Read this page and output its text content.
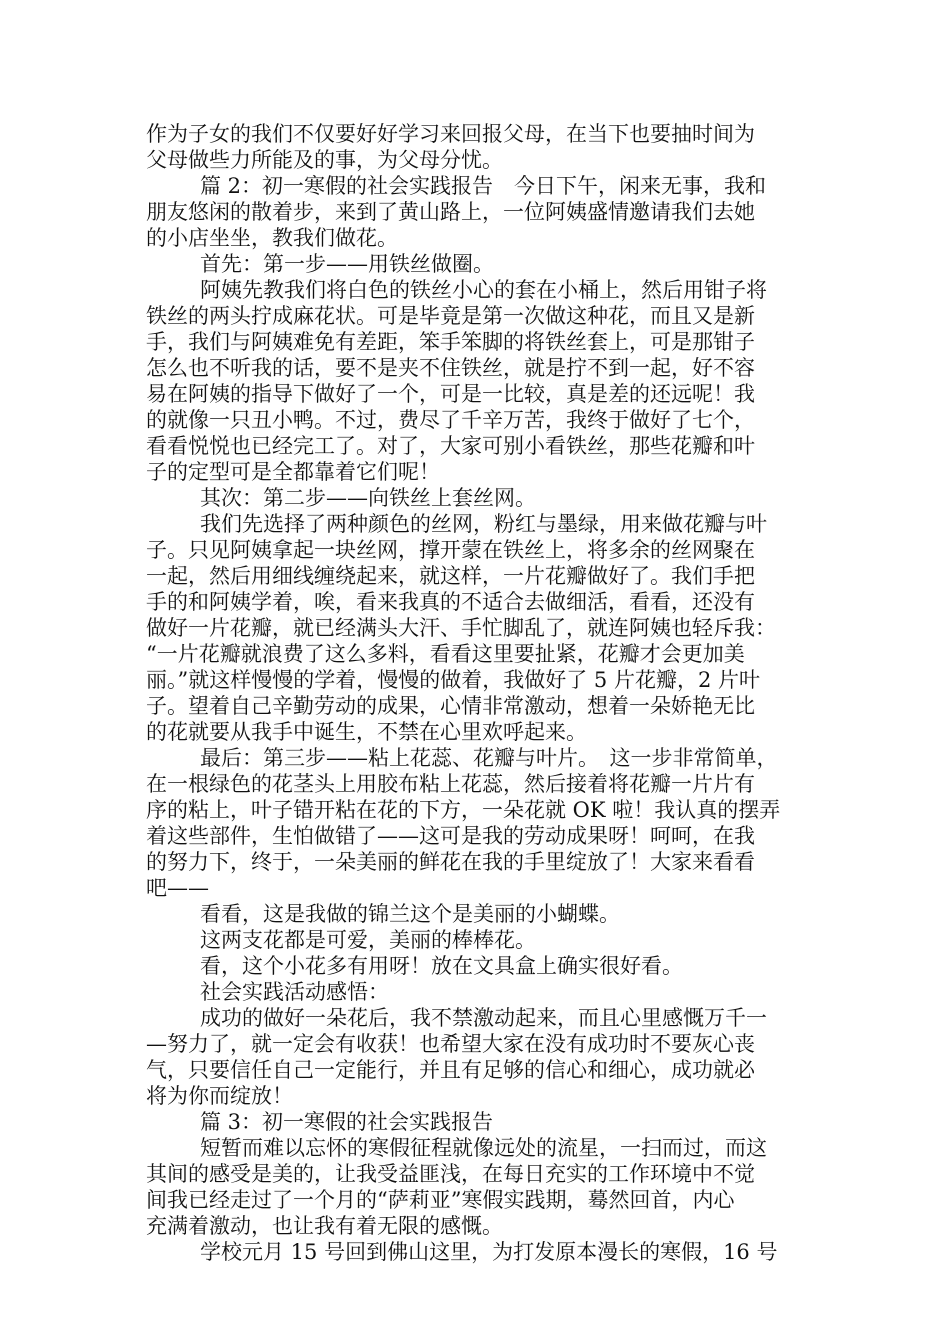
作为子女的我们不仅要好好学习来回报父母，在当下也要抽时间为
父母做些力所能及的事，为父母分忧。
篇 2：初一寒假的社会实践报告　今日下午，闲来无事，我和
朋友悠闲的散着步，来到了黄山路上，一位阿姨盛情邀请我们去她
的小店坐坐，教我们做花。
首先：第一步——用铁丝做圈。
阿姨先教我们将白色的铁丝小心的套在小桶上，然后用钳子将
铁丝的两头拧成麻花状。可是毕竟是第一次做这种花，而且又是新
手，我们与阿姨难免有差距，笨手笨脚的将铁丝套上，可是那钳子
怎么也不听我的话，要不是夹不住铁丝，就是拧不到一起，好不容
易在阿姨的指导下做好了一个，可是一比较，真是差的还远呢！我
的就像一只丑小鸭。不过，费尽了千辛万苦，我终于做好了七个，
看看悦悦也已经完工了。对了，大家可别小看铁丝，那些花瓣和叶
子的定型可是全都靠着它们呢！
其次：第二步——向铁丝上套丝网。
我们先选择了两种颜色的丝网，粉红与墨绿，用来做花瓣与叶
子。只见阿姨拿起一块丝网，撑开蒙在铁丝上，将多余的丝网聚在
一起，然后用细线缠绕起来，就这样，一片花瓣做好了。我们手把
手的和阿姨学着，唉，看来我真的不适合去做细活，看看，还没有
做好一片花瓣，就已经满头大汗、手忙脚乱了，就连阿姨也轻斥我：
“一片花瓣就浪费了这么多料，看看这里要扯紧，花瓣才会更加美
丽。”就这样慢慢的学着，慢慢的做着，我做好了 5 片花瓣，2 片叶
子。望着自己辛勤劳动的成果，心情非常激动，想着一朵娇艳无比
的花就要从我手中诞生，不禁在心里欢呼起来。
最后：第三步——粘上花蕊、花瓣与叶片。　这一步非常简单，
在一根绿色的花茎头上用胶布粘上花蕊，然后接着将花瓣一片片有
序的粘上，叶子错开粘在花的下方，一朵花就 OK 啦！我认真的摆弄
着这些部件，生怕做错了——这可是我的劳动成果呀！呵呵，在我
的努力下，终于，一朵美丽的鲜花在我的手里绽放了！大家来看看
吧——
看看，这是我做的锦兰这个是美丽的小蝴蝶。
这两支花都是可爱，美丽的棒棒花。
看，这个小花多有用呀！放在文具盒上确实很好看。
社会实践活动感悟：
成功的做好一朵花后，我不禁激动起来，而且心里感慨万千一
—努力了，就一定会有收获！也希望大家在没有成功时不要灰心丧
气，只要信任自己一定能行，并且有足够的信心和细心，成功就必
将为你而绽放！
篇 3：初一寒假的社会实践报告
短暂而难以忘怀的寒假征程就像远处的流星，一扫而过，而这
其间的感受是美的，让我受益匪浅，在每日充实的工作环境中不觉
间我已经走过了一个月的“萨莉亚”寒假实践期，蓦然回首，内心
充满着激动，也让我有着无限的感慨。
学校元月 15 号回到佛山这里，为打发原本漫长的寒假，16 号
